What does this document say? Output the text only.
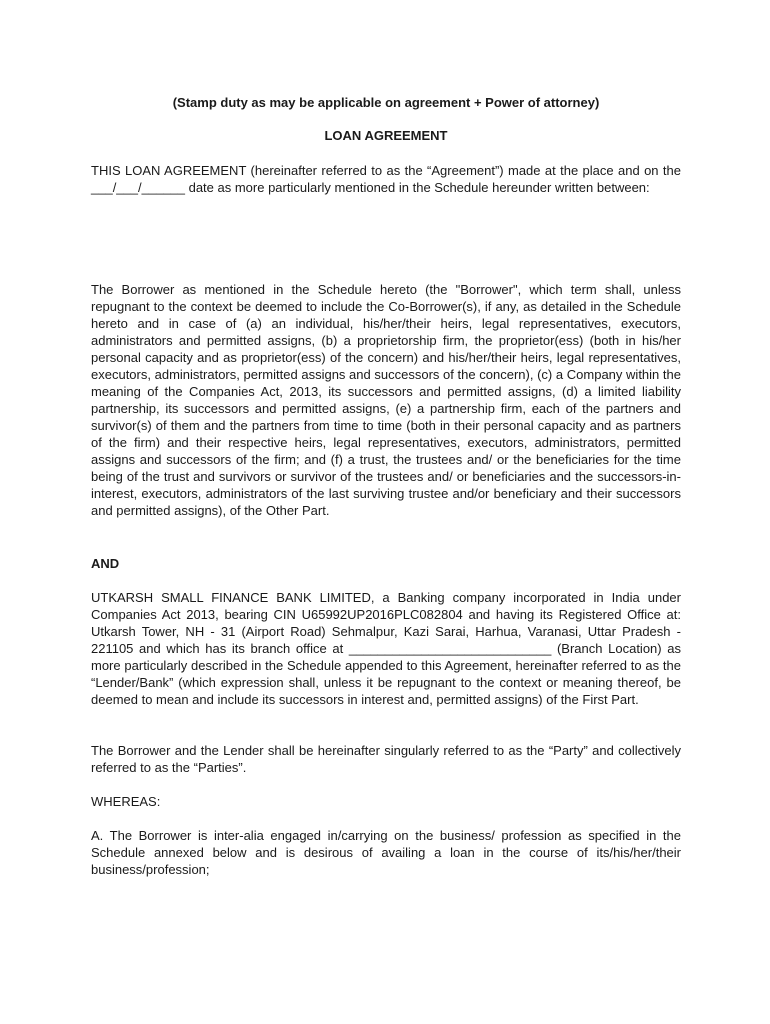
(Stamp duty as may be applicable on agreement + Power of attorney)
LOAN AGREEMENT

THIS LOAN AGREEMENT (hereinafter referred to as the “Agreement”) made at the place and on the ___/___/______ date as more particularly mentioned in the Schedule hereunder written between:

The Borrower as mentioned in the Schedule hereto (the "Borrower", which term shall, unless repugnant to the context be deemed to include the Co-Borrower(s), if any, as detailed in the Schedule hereto and in case of (a) an individual, his/her/their heirs, legal representatives, executors, administrators and permitted assigns, (b) a proprietorship firm, the proprietor(ess) (both in his/her personal capacity and as proprietor(ess) of the concern) and his/her/their heirs, legal representatives, executors, administrators, permitted assigns and successors of the concern), (c) a Company within the meaning of the Companies Act, 2013, its successors and permitted assigns, (d) a limited liability partnership, its successors and permitted assigns, (e) a partnership firm, each of the partners and survivor(s) of them and the partners from time to time (both in their personal capacity and as partners of the firm) and their respective heirs, legal representatives, executors, administrators, permitted assigns and successors of the firm; and (f) a trust, the trustees and/ or the beneficiaries for the time being of the trust and survivors or survivor of the trustees and/ or beneficiaries and the successors-in-interest, executors, administrators of the last surviving trustee and/or beneficiary and their successors and permitted assigns), of the Other Part.

AND

UTKARSH SMALL FINANCE BANK LIMITED, a Banking company incorporated in India under Companies Act 2013, bearing CIN U65992UP2016PLC082804 and having its Registered Office at: Utkarsh Tower, NH - 31 (Airport Road) Sehmalpur, Kazi Sarai, Harhua, Varanasi, Uttar Pradesh - 221105 and which has its branch office at ____________________________ (Branch Location) as more particularly described in the Schedule appended to this Agreement, hereinafter referred to as the “Lender/Bank” (which expression shall, unless it be repugnant to the context or meaning thereof, be deemed to mean and include its successors in interest and, permitted assigns) of the First Part.

The Borrower and the Lender shall be hereinafter singularly referred to as the “Party” and collectively referred to as the “Parties”.

WHEREAS:

A. The Borrower is inter-alia engaged in/carrying on the business/ profession as specified in the Schedule annexed below and is desirous of availing a loan in the course of its/his/her/their business/profession;
